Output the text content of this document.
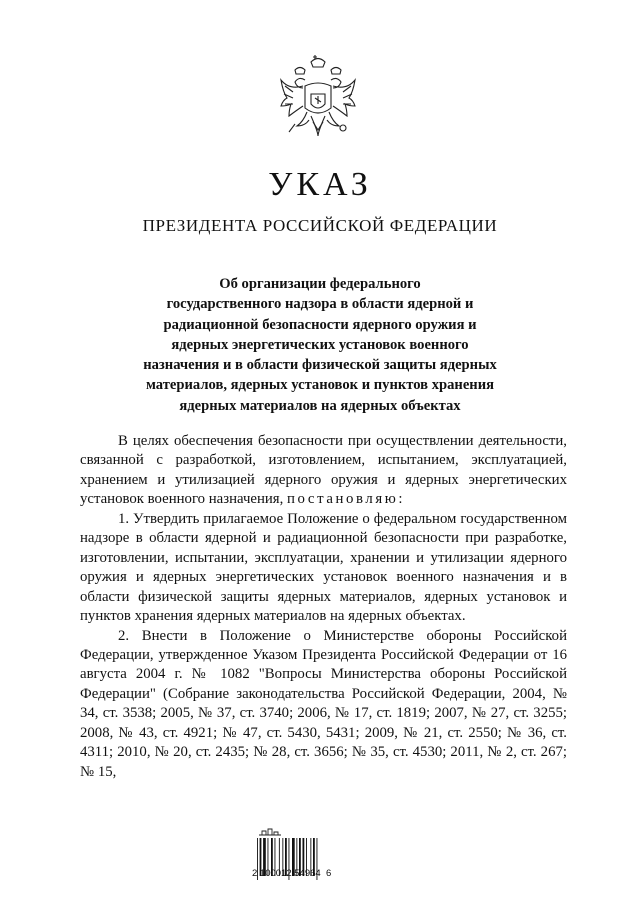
УКАЗ
ПРЕЗИДЕНТА РОССИЙСКОЙ ФЕДЕРАЦИИ
Об организации федерального
государственного надзора в области ядерной и
радиационной безопасности ядерного оружия и
ядерных энергетических установок военного
назначения и в области физической защиты ядерных
материалов, ядерных установок и пунктов хранения
ядерных материалов на ядерных объектах

В целях обеспечения безопасности при осуществлении деятельности, связанной с разработкой, изготовлением, испытанием, эксплуатацией, хранением и утилизацией ядерного оружия и ядерных энергетических установок военного назначения, постановляю:

1. Утвердить прилагаемое Положение о федеральном государственном надзоре в области ядерной и радиационной безопасности при разработке, изготовлении, испытании, эксплуатации, хранении и утилизации ядерного оружия и ядерных энергетических установок военного назначения и в области физической защиты ядерных материалов, ядерных установок и пунктов хранения ядерных материалов на ядерных объектах.

2. Внести в Положение о Министерстве обороны Российской Федерации, утвержденное Указом Президента Российской Федерации от 16 августа 2004 г. № 1082 "Вопросы Министерства обороны Российской Федерации" (Собрание законодательства Российской Федерации, 2004, № 34, ст. 3538; 2005, № 37, ст. 3740; 2006, № 17, ст. 1819; 2007, № 27, ст. 3255; 2008, № 43, ст. 4921; № 47, ст. 5430, 5431; 2009, № 21, ст. 2550; № 36, ст. 4311; 2010, № 20, ст. 2435; № 28, ст. 3656; № 35, ст. 4530; 2011, № 2, ст. 267; № 15,

2 100012 54964  6
